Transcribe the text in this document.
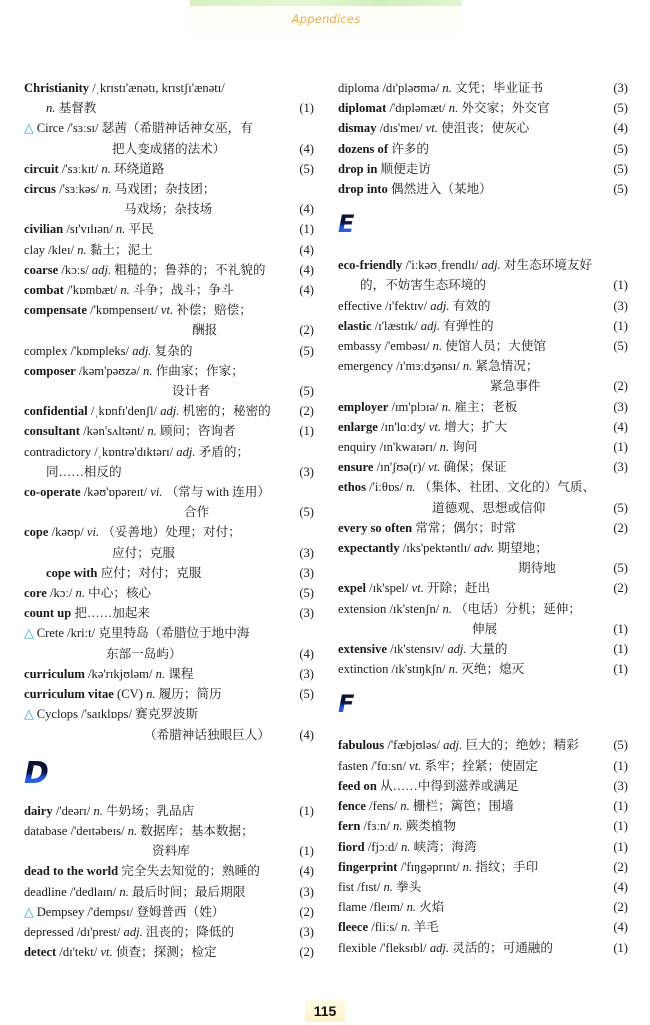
Appendices
Christianity /ˌkrɪstɪ'ænətɪ, krɪstʃɪ'ænətɪ/
n. 基督教	(1)
△ Circe /'sɜːsɪ/ 瑟茜（希腊神话神女巫，有
把人变成猪的法术）	(4)
circuit /'sɜːkɪt/ n. 环绕道路	(5)
circus /'sɜːkəs/ n. 马戏团；杂技团；
马戏场；杂技场	(4)
civilian /sɪ'vɪlɪən/ n. 平民	(1)
clay /kleɪ/ n. 黏土；泥土	(4)
coarse /kɔːs/ adj. 粗糙的；鲁莽的；不礼貌的	(4)
combat /'kɒmbæt/ n. 斗争；战斗；争斗	(4)
compensate /'kɒmpenseɪt/ vt. 补偿；赔偿；
酬报	(2)
complex /'kɒmpleks/ adj. 复杂的	(5)
composer /kəm'pəʊzə/ n. 作曲家；作家；
设计者	(5)
confidential /ˌkɒnfɪ'denʃl/ adj. 机密的；秘密的	(2)
consultant /kən'sʌltənt/ n. 顾问；咨询者	(1)
contradictory /ˌkɒntrə'dɪktərɪ/ adj. 矛盾的；
同……相反的	(3)
co-operate /kəʊ'ɒpəreɪt/ vi. （常与 with 连用）
合作	(5)
cope /kəʊp/ vi. （妥善地）处理；对付；
应付；克服	(3)
cope with 应付；对付；克服	(3)
core /kɔː/ n. 中心；核心	(5)
count up 把……加起来	(3)
△ Crete /kriːt/ 克里特岛（希腊位于地中海
东部一岛屿）	(4)
curriculum /kə'rɪkjʊləm/ n. 课程	(3)
curriculum vitae (CV) n. 履历；简历	(5)
△ Cyclops /'saɪklɒps/ 赛克罗波斯
（希腊神话独眼巨人）	(4)
D
dairy /'deərɪ/ n. 牛奶场；乳品店	(1)
database /'deɪtəbeɪs/ n. 数据库；基本数据；
资料库	(1)
dead to the world 完全失去知觉的；熟睡的	(4)
deadline /'dedlaɪn/ n. 最后时间；最后期限	(3)
△ Dempsey /'dempsɪ/ 登姆普西（姓）	(2)
depressed /dɪ'prest/ adj. 沮丧的；降低的	(3)
detect /dɪ'tekt/ vt. 侦查；探测；检定	(2)
diploma /dɪ'pləʊmə/ n. 文凭；毕业证书	(3)
diplomat /'dɪpləmæt/ n. 外交家；外交官	(5)
dismay /dɪs'meɪ/ vt. 使沮丧；使灰心	(4)
dozens of 许多的	(5)
drop in 顺便走访	(5)
drop into 偶然进入（某地）	(5)
E
eco-friendly /'iːkəʊˌfrendlɪ/ adj. 对生态环境友好
的，不妨害生态环境的	(1)
effective /ɪ'fektɪv/ adj. 有效的	(3)
elastic /ɪ'læstɪk/ adj. 有弹性的	(1)
embassy /'embəsɪ/ n. 使馆人员；大使馆	(5)
emergency /ɪ'mɜːdʒənsɪ/ n. 紧急情况；
紧急事件	(2)
employer /ɪm'plɔɪə/ n. 雇主；老板	(3)
enlarge /ɪn'lɑːdʒ/ vt. 增大；扩大	(4)
enquiry /ɪn'kwaɪərɪ/ n. 询问	(1)
ensure /ɪn'ʃʊə(r)/ vt. 确保；保证	(3)
ethos /'iːθɒs/ n. （集体、社团、文化的）气质、
道德观、思想或信仰	(5)
every so often 常常；偶尔；时常	(2)
expectantly /ɪks'pektəntlɪ/ adv. 期望地；
期待地	(5)
expel /ɪk'spel/ vt. 开除；赶出	(2)
extension /ɪk'stenʃn/ n. （电话）分机；延伸；
伸展	(1)
extensive /ɪk'stensɪv/ adj. 大量的	(1)
extinction /ɪk'stɪŋkʃn/ n. 灭绝；熄灭	(1)
F
fabulous /'fæbjʊləs/ adj. 巨大的；绝妙；精彩	(5)
fasten /'fɑːsn/ vt. 系牢；拴紧；使固定	(1)
feed on 从……中得到滋养或满足	(3)
fence /fens/ n. 栅栏；篱笆；围墙	(1)
fern /fɜːn/ n. 蕨类植物	(1)
fiord /fjɔːd/ n. 峡湾；海湾	(1)
fingerprint /'fɪŋgəprɪnt/ n. 指纹；手印	(2)
fist /fɪst/ n. 拳头	(4)
flame /fleɪm/ n. 火焰	(2)
fleece /fliːs/ n. 羊毛	(4)
flexible /'fleksɪbl/ adj. 灵活的；可通融的	(1)
115
